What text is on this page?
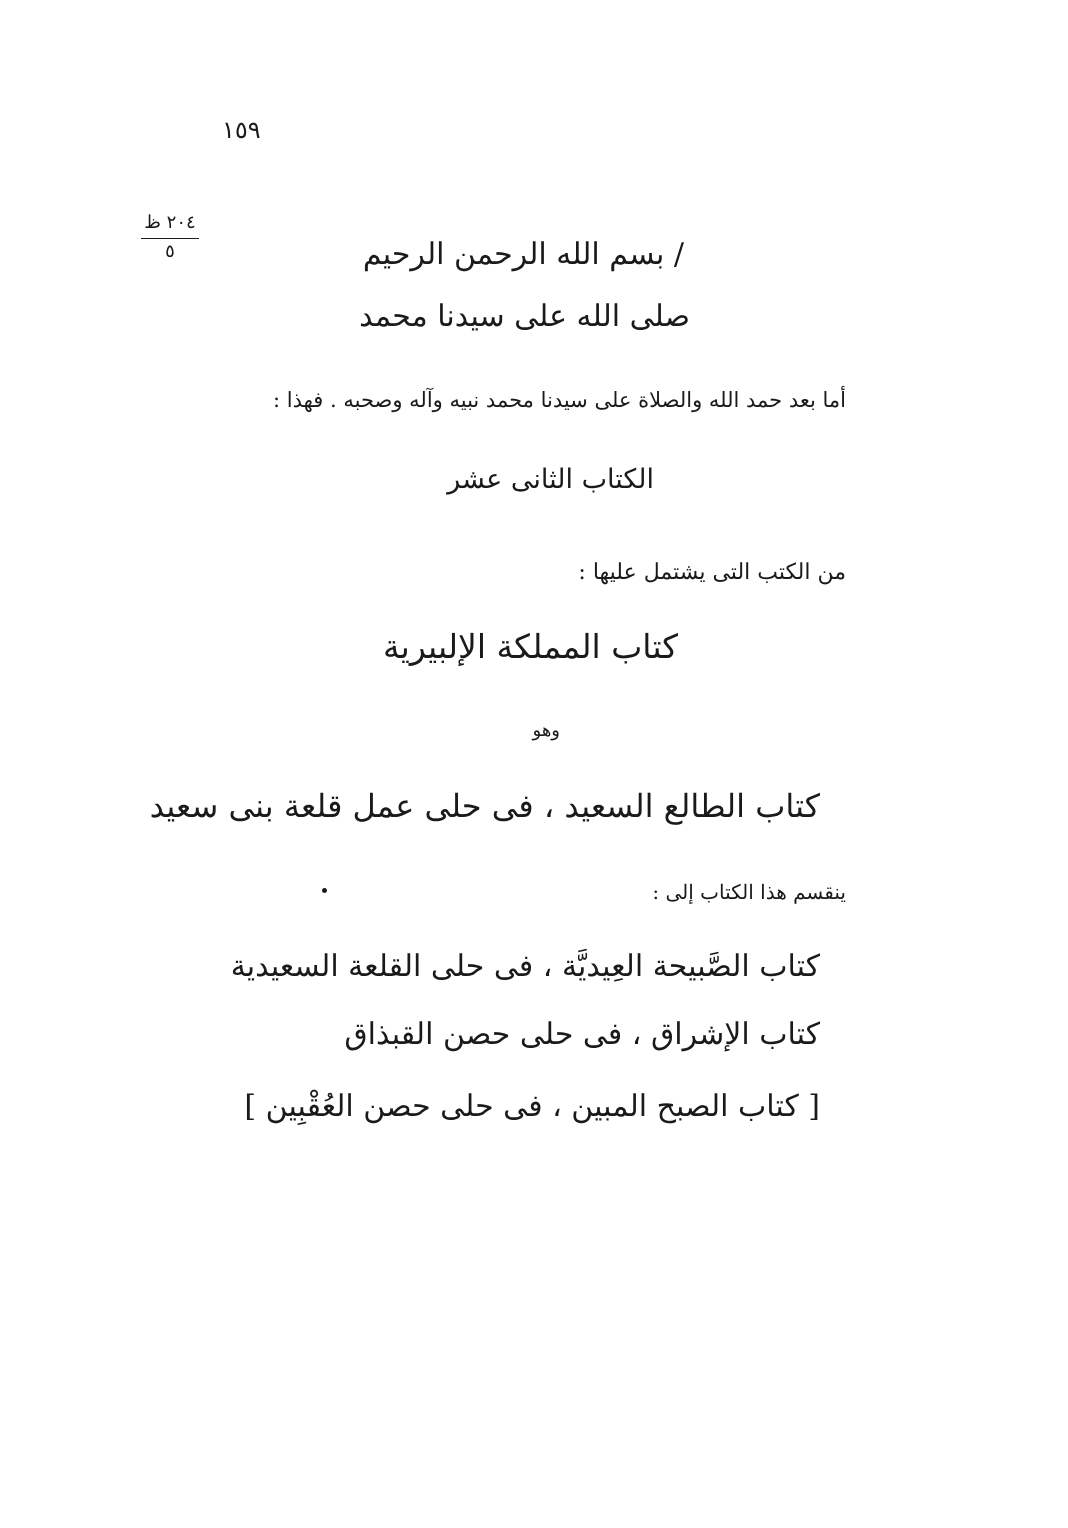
١٥٩
٢٠٤ ظ
٥	/ بسم الله الرحمن الرحيم
صلى الله على سيدنا محمد
أما بعد حمد الله والصلاة على سيدنا محمد نبيه وآله وصحبه . فهذا :
الكتاب الثانى عشر
من الكتب التى يشتمل عليها :
كتاب المملكة الإلبيرية
وهو
كتاب الطالع السعيد ، فى حلى عمل قلعة بنى سعيد
ينقسم هذا الكتاب إلى :
كتاب الصَّبيحة العِيديَّة ، فى حلى القلعة السعيدية
كتاب الإشراق ، فى حلى حصن القبذاق
[ كتاب الصبح المبين ، فى حلى حصن العُقْبِين ]
